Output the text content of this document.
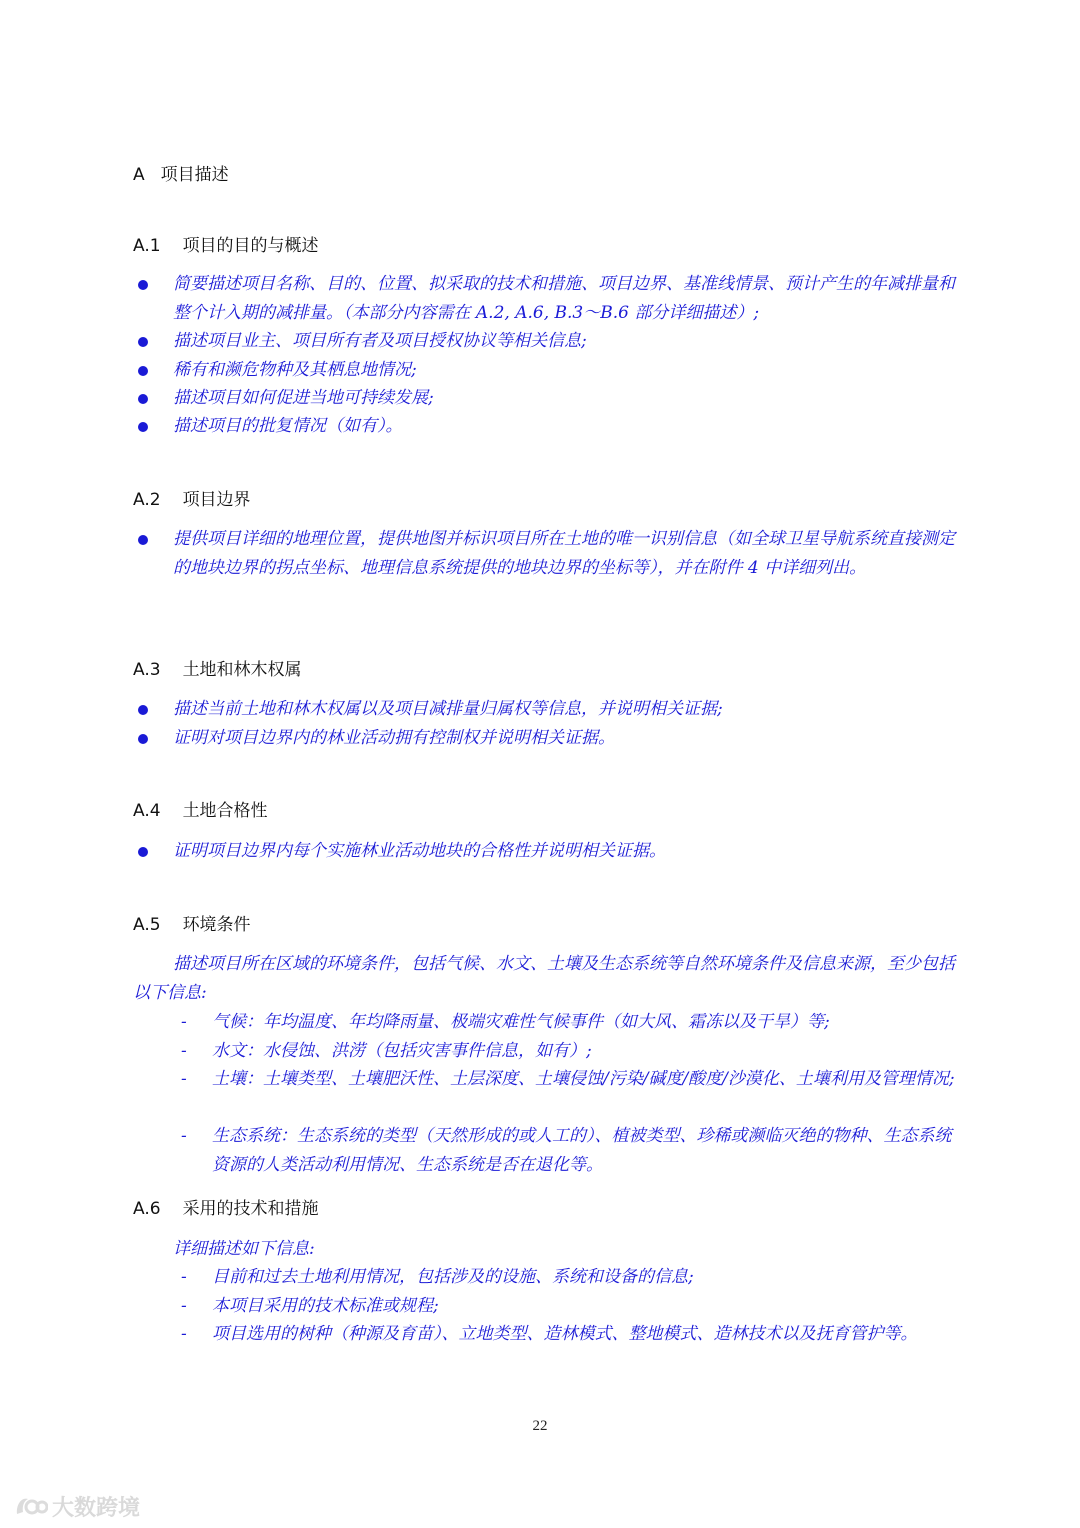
A 项目描述
A.1 项目的目的与概述
简要描述项目名称、目的、位置、拟采取的技术和措施、项目边界、基准线情景、预计产生的年减排量和整个计入期的减排量。（本部分内容需在 A.2, A.6, B.3～B.6 部分详细描述）;
描述项目业主、项目所有者及项目授权协议等相关信息;
稀有和濒危物种及其栖息地情况;
描述项目如何促进当地可持续发展;
描述项目的批复情况（如有）。
A.2 项目边界
提供项目详细的地理位置，提供地图并标识项目所在土地的唯一识别信息（如全球卫星导航系统直接测定的地块边界的拐点坐标、地理信息系统提供的地块边界的坐标等），并在附件 4 中详细列出。
A.3 土地和林木权属
描述当前土地和林木权属以及项目减排量归属权等信息，并说明相关证据;
证明对项目边界内的林业活动拥有控制权并说明相关证据。
A.4 土地合格性
证明项目边界内每个实施林业活动地块的合格性并说明相关证据。
A.5 环境条件
描述项目所在区域的环境条件，包括气候、水文、土壤及生态系统等自然环境条件及信息来源，至少包括以下信息:
- 气候：年均温度、年均降雨量、极端灾难性气候事件（如大风、霜冻以及干旱）等;
- 水文：水侵蚀、洪涝（包括灾害事件信息，如有）;
- 土壤：土壤类型、土壤肥沃性、土层深度、土壤侵蚀/污染/碱度/酸度/沙漠化、土壤利用及管理情况;
- 生态系统：生态系统的类型（天然形成的或人工的）、植被类型、珍稀或濒临灭绝的物种、生态系统资源的人类活动利用情况、生态系统是否在退化等。
A.6 采用的技术和措施
详细描述如下信息:
- 目前和过去土地利用情况，包括涉及的设施、系统和设备的信息;
- 本项目采用的技术标准或规程;
- 项目选用的树种（种源及育苗）、立地类型、造林模式、整地模式、造林技术以及抚育管护等。
22
大数跨境
